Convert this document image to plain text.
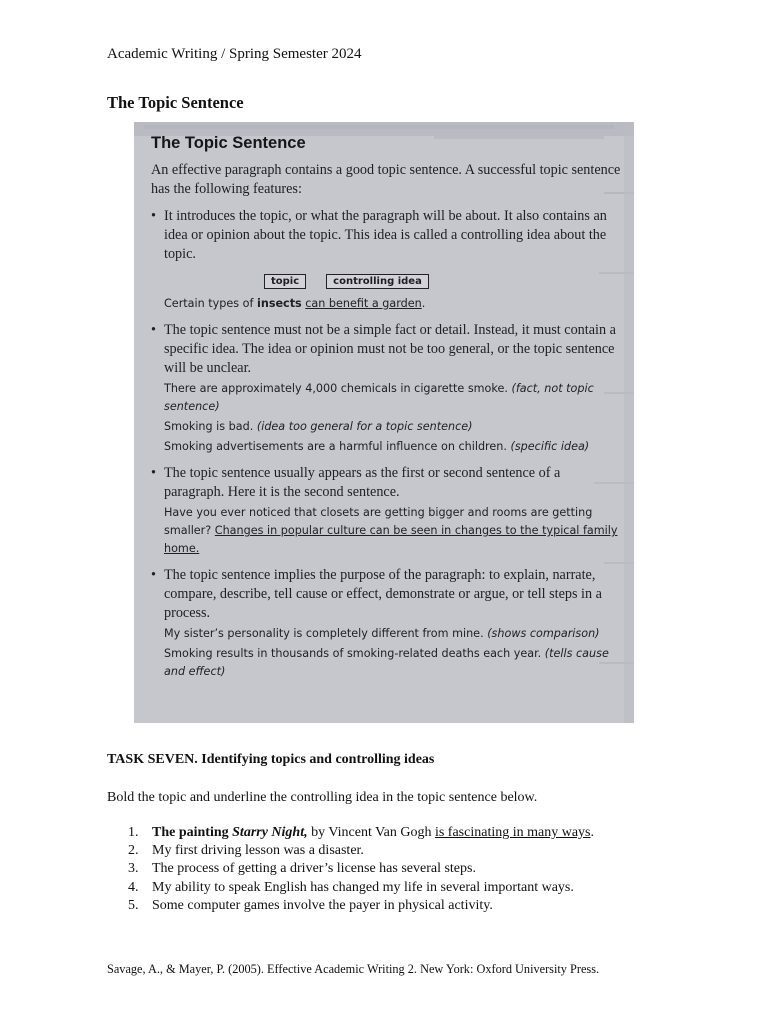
Academic Writing / Spring Semester 2024
The Topic Sentence
The Topic Sentence
An effective paragraph contains a good topic sentence. A successful topic sentence has the following features:
• It introduces the topic, or what the paragraph will be about. It also contains an idea or opinion about the topic. This idea is called a controlling idea about the topic.
topic	controlling idea
Certain types of insects can benefit a garden.
• The topic sentence must not be a simple fact or detail. Instead, it must contain a specific idea. The idea or opinion must not be too general, or the topic sentence will be unclear.
There are approximately 4,000 chemicals in cigarette smoke. (fact, not topic sentence)
Smoking is bad. (idea too general for a topic sentence)
Smoking advertisements are a harmful influence on children. (specific idea)
• The topic sentence usually appears as the first or second sentence of a paragraph. Here it is the second sentence.
Have you ever noticed that closets are getting bigger and rooms are getting smaller? Changes in popular culture can be seen in changes to the typical family home.
• The topic sentence implies the purpose of the paragraph: to explain, narrate, compare, describe, tell cause or effect, demonstrate or argue, or tell steps in a process.
My sister’s personality is completely different from mine. (shows comparison)
Smoking results in thousands of smoking-related deaths each year. (tells cause and effect)
TASK SEVEN. Identifying topics and controlling ideas
Bold the topic and underline the controlling idea in the topic sentence below.
1. The painting Starry Night, by Vincent Van Gogh is fascinating in many ways.
2. My first driving lesson was a disaster.
3. The process of getting a driver’s license has several steps.
4. My ability to speak English has changed my life in several important ways.
5. Some computer games involve the payer in physical activity.
Savage, A., & Mayer, P. (2005). Effective Academic Writing 2. New York: Oxford University Press.
